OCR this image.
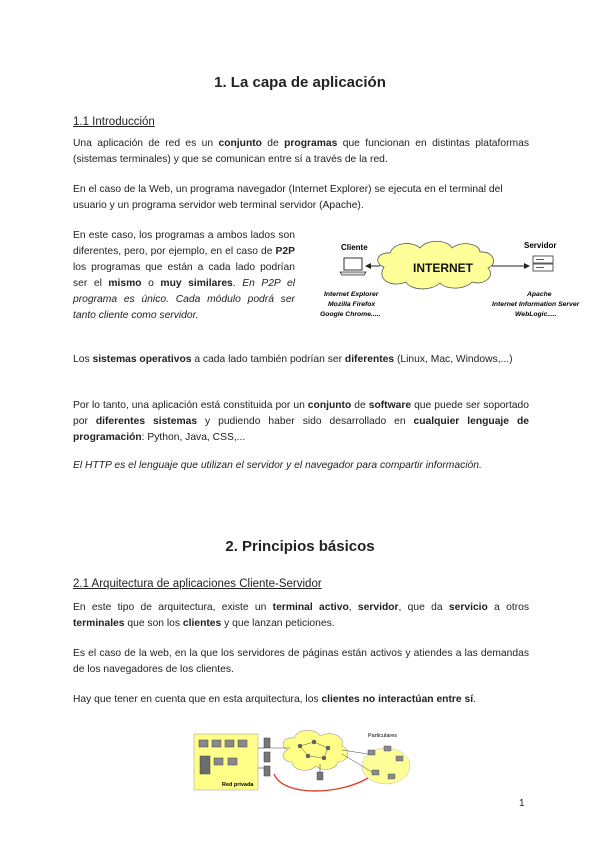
1. La capa de aplicación
1.1 Introducción

Una aplicación de red es un conjunto de programas que funcionan en distintas plataformas (sistemas terminales) y que se comunican entre sí a través de la red.

En el caso de la Web, un programa navegador (Internet Explorer) se ejecuta en el terminal del usuario y un programa servidor web terminal servidor (Apache).

En este caso, los programas a ambos lados son diferentes, pero, por ejemplo, en el caso de P2P los programas que están a cada lado podrían ser el mismo o muy similares. En P2P el programa es único. Cada módulo podrá ser tanto cliente como servidor.

Cliente	Servidor
INTERNET
Internet Explorer Mozilla Firefox Google Chrome.....
Apache Internet Information Server WebLogic.....

Los sistemas operativos a cada lado también podrían ser diferentes (Linux, Mac, Windows,...)

Por lo tanto, una aplicación está constituida por un conjunto de software que puede ser soportado por diferentes sistemas y pudiendo haber sido desarrollado en cualquier lenguaje de programación: Python, Java, CSS,...

El HTTP es el lenguaje que utilizan el servidor y el navegador para compartir información.

2. Principios básicos
2.1 Arquitectura de aplicaciones Cliente-Servidor

En este tipo de arquitectura, existe un terminal activo, servidor, que da servicio a otros terminales que son los clientes y que lanzan peticiones.

Es el caso de la web, en la que los servidores de páginas están activos y atiendes a las demandas de los navegadores de los clientes.

Hay que tener en cuenta que en esta arquitectura, los clientes no interactúan entre sí.

Red privada
Particulares
1
